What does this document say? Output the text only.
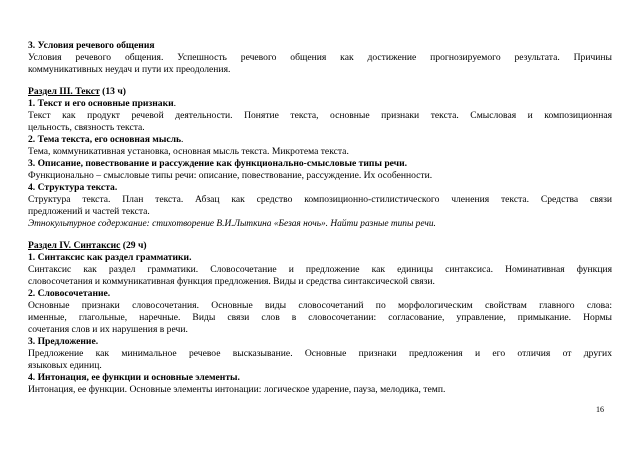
3. Условия речевого общения

Условия речевого общения. Успешность речевого общения как достижение прогнозируемого результата. Причины

коммуникативных неудач и пути их преодоления.

Раздел III. Текст (13 ч)

1. Текст и его основные признаки.

Текст как продукт речевой деятельности. Понятие текста, основные признаки текста. Смысловая и композиционная

цельность, связность текста.

2. Тема текста, его основная мысль.

Тема, коммуникативная установка, основная мысль текста. Микротема текста.

3. Описание, повествование и рассуждение как функционально-смысловые типы речи.

Функционально – смысловые типы речи: описание, повествование, рассуждение. Их особенности.

4. Структура текста.

Структура текста. План текста. Абзац как средство композиционно-стилистического членения текста. Средства связи

предложений и частей текста.

Этнокультурное содержание: стихотворение В.И.Лыткина «Безая ночь». Найти разные типы речи.

Раздел IV. Синтаксис (29 ч)

1. Синтаксис как раздел грамматики.

Синтаксис как раздел грамматики. Словосочетание и предложение как единицы синтаксиса. Номинативная функция

словосочетания и коммуникативная функция предложения. Виды и средства синтаксической связи.

2. Словосочетание.

Основные признаки словосочетания. Основные виды словосочетаний по морфологическим свойствам главного слова:

именные, глагольные, наречные. Виды связи слов в словосочетании: согласование, управление, примыкание. Нормы

сочетания слов и их нарушения в речи.

3. Предложение.

Предложение как минимальное речевое высказывание. Основные признаки предложения и его отличия от других

языковых единиц.

4. Интонация, ее функции и основные элементы.

Интонация, ее функции. Основные элементы интонации: логическое ударение, пауза, мелодика, темп.

16
